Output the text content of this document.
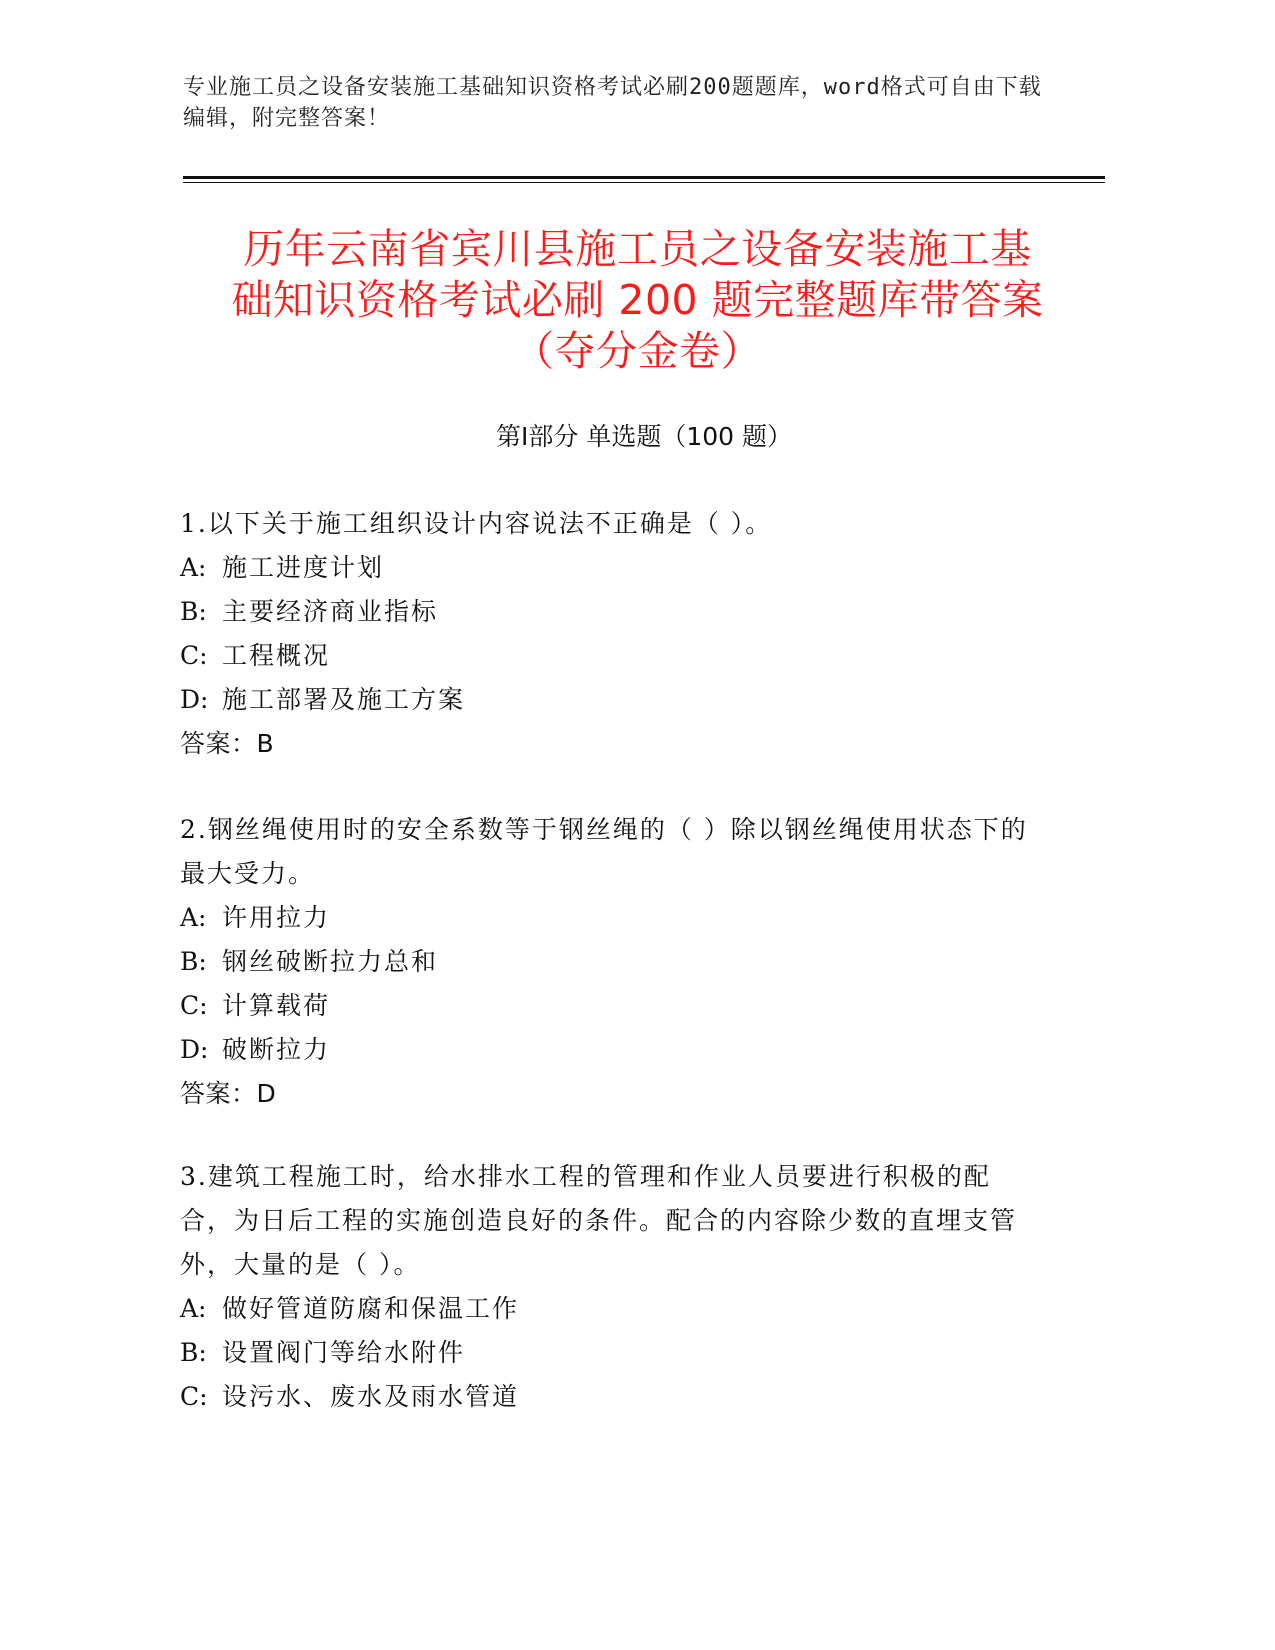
专业施工员之设备安装施工基础知识资格考试必刷200题题库，word格式可自由下载编辑，附完整答案！
历年云南省宾川县施工员之设备安装施工基
础知识资格考试必刷 200 题完整题库带答案
（夺分金卷）
第Ⅰ部分 单选题（100 题）
1.以下关于施工组织设计内容说法不正确是（ ）。
A: 施工进度计划
B: 主要经济商业指标
C: 工程概况
D: 施工部署及施工方案
答案：B
2.钢丝绳使用时的安全系数等于钢丝绳的（ ）除以钢丝绳使用状态下的最大受力。
A: 许用拉力
B: 钢丝破断拉力总和
C: 计算载荷
D: 破断拉力
答案：D
3.建筑工程施工时，给水排水工程的管理和作业人员要进行积极的配合，为日后工程的实施创造良好的条件。配合的内容除少数的直埋支管外，大量的是（ ）。
A: 做好管道防腐和保温工作
B: 设置阀门等给水附件
C: 设污水、废水及雨水管道
